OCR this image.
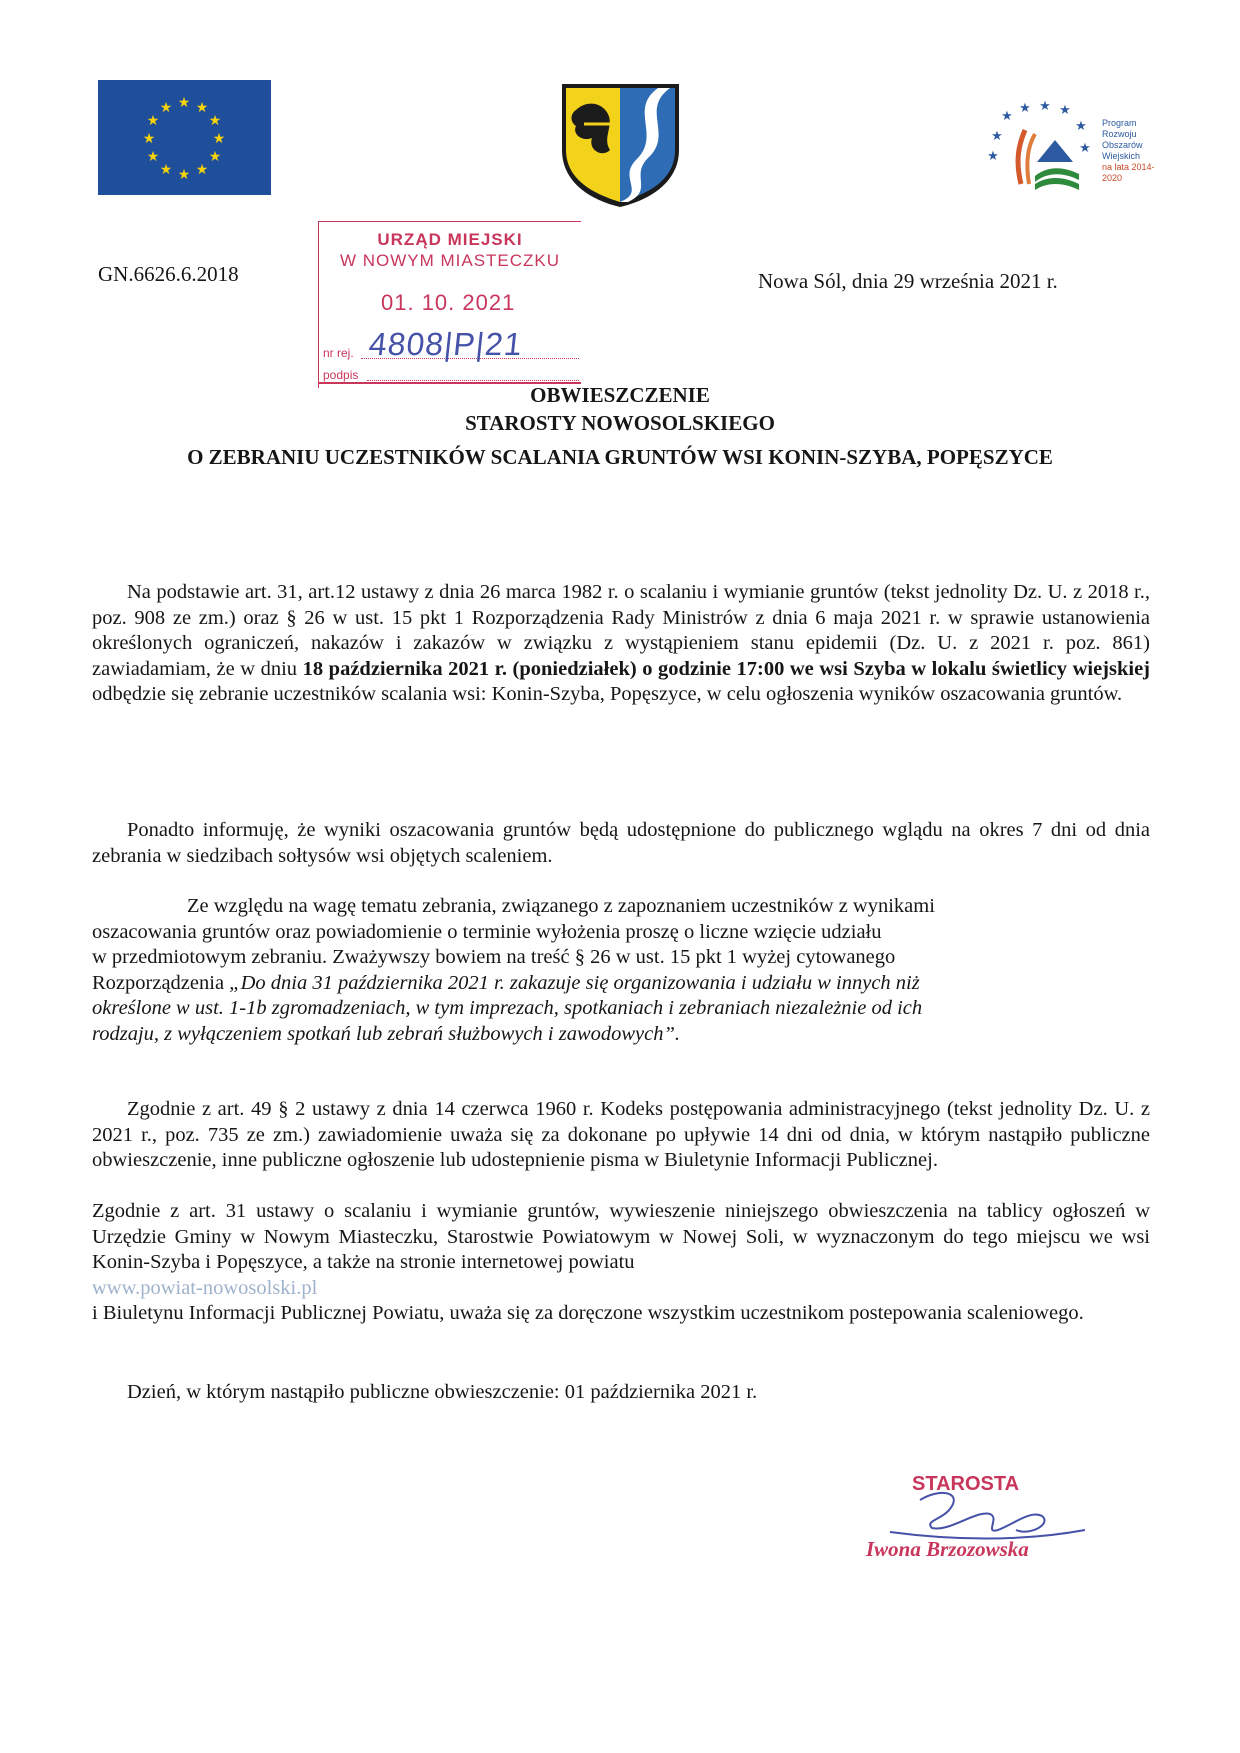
★ ★
★
★
★
★
★
★
★
★
★
★
★
★ ★ ★
★
★
★
★
Program
Rozwoju
Obszarów
Wiejskich
na lata 2014-2020
GN.6626.6.2018	Nowa Sól, dnia 29 września 2021 r.
URZĄD MIEJSKI
W NOWYM MIASTECZKU
01. 10. 2021
nr rej. 4808|P|21
podpis
OBWIESZCZENIE
STAROSTY NOWOSOLSKIEGO
O ZEBRANIU UCZESTNIKÓW SCALANIA GRUNTÓW WSI KONIN-SZYBA, POPĘSZYCE
Na podstawie art. 31, art.12 ustawy z dnia 26 marca 1982 r. o scalaniu i wymianie gruntów (tekst jednolity Dz. U. z 2018 r., poz. 908 ze zm.) oraz § 26 w ust. 15 pkt 1 Rozporządzenia Rady Ministrów z dnia 6 maja 2021 r. w sprawie ustanowienia określonych ograniczeń, nakazów i zakazów w związku z wystąpieniem stanu epidemii (Dz. U. z 2021 r. poz. 861) zawiadamiam, że w dniu 18 października 2021 r. (poniedziałek) o godzinie 17:00 we wsi Szyba w lokalu świetlicy wiejskiej odbędzie się zebranie uczestników scalania wsi: Konin-Szyba, Popęszyce, w celu ogłoszenia wyników oszacowania gruntów.
Ponadto informuję, że wyniki oszacowania gruntów będą udostępnione do publicznego wglądu na okres 7 dni od dnia zebrania w siedzibach sołtysów wsi objętych scaleniem.
Ze względu na wagę tematu zebrania, związanego z zapoznaniem uczestników z wynikami
oszacowania gruntów oraz powiadomienie o terminie wyłożenia proszę o liczne wzięcie udziału
w przedmiotowym zebraniu. Zważywszy bowiem na treść § 26 w ust. 15 pkt 1 wyżej cytowanego
Rozporządzenia „Do dnia 31 października 2021 r. zakazuje się organizowania i udziału w innych niż
określone w ust. 1-1b zgromadzeniach, w tym imprezach, spotkaniach i zebraniach niezależnie od ich
rodzaju, z wyłączeniem spotkań lub zebrań służbowych i zawodowych”.
Zgodnie z art. 49 § 2 ustawy z dnia 14 czerwca 1960 r. Kodeks postępowania administracyjnego (tekst jednolity Dz. U. z 2021 r., poz. 735 ze zm.) zawiadomienie uważa się za dokonane po upływie 14 dni od dnia, w którym nastąpiło publiczne obwieszczenie, inne publiczne ogłoszenie lub udostepnienie pisma w Biuletynie Informacji Publicznej.
Zgodnie z art. 31 ustawy o scalaniu i wymianie gruntów, wywieszenie niniejszego obwieszczenia na tablicy ogłoszeń w Urzędzie Gminy w Nowym Miasteczku, Starostwie Powiatowym w Nowej Soli, w wyznaczonym do tego miejscu we wsi Konin-Szyba i Popęszyce, a także na stronie internetowej powiatu
www.powiat-nowosolski.pl
i Biuletynu Informacji Publicznej Powiatu, uważa się za doręczone wszystkim uczestnikom postepowania scaleniowego.
Dzień, w którym nastąpiło publiczne obwieszczenie: 01 października 2021 r.
STAROSTA
Iwona Brzozowska
